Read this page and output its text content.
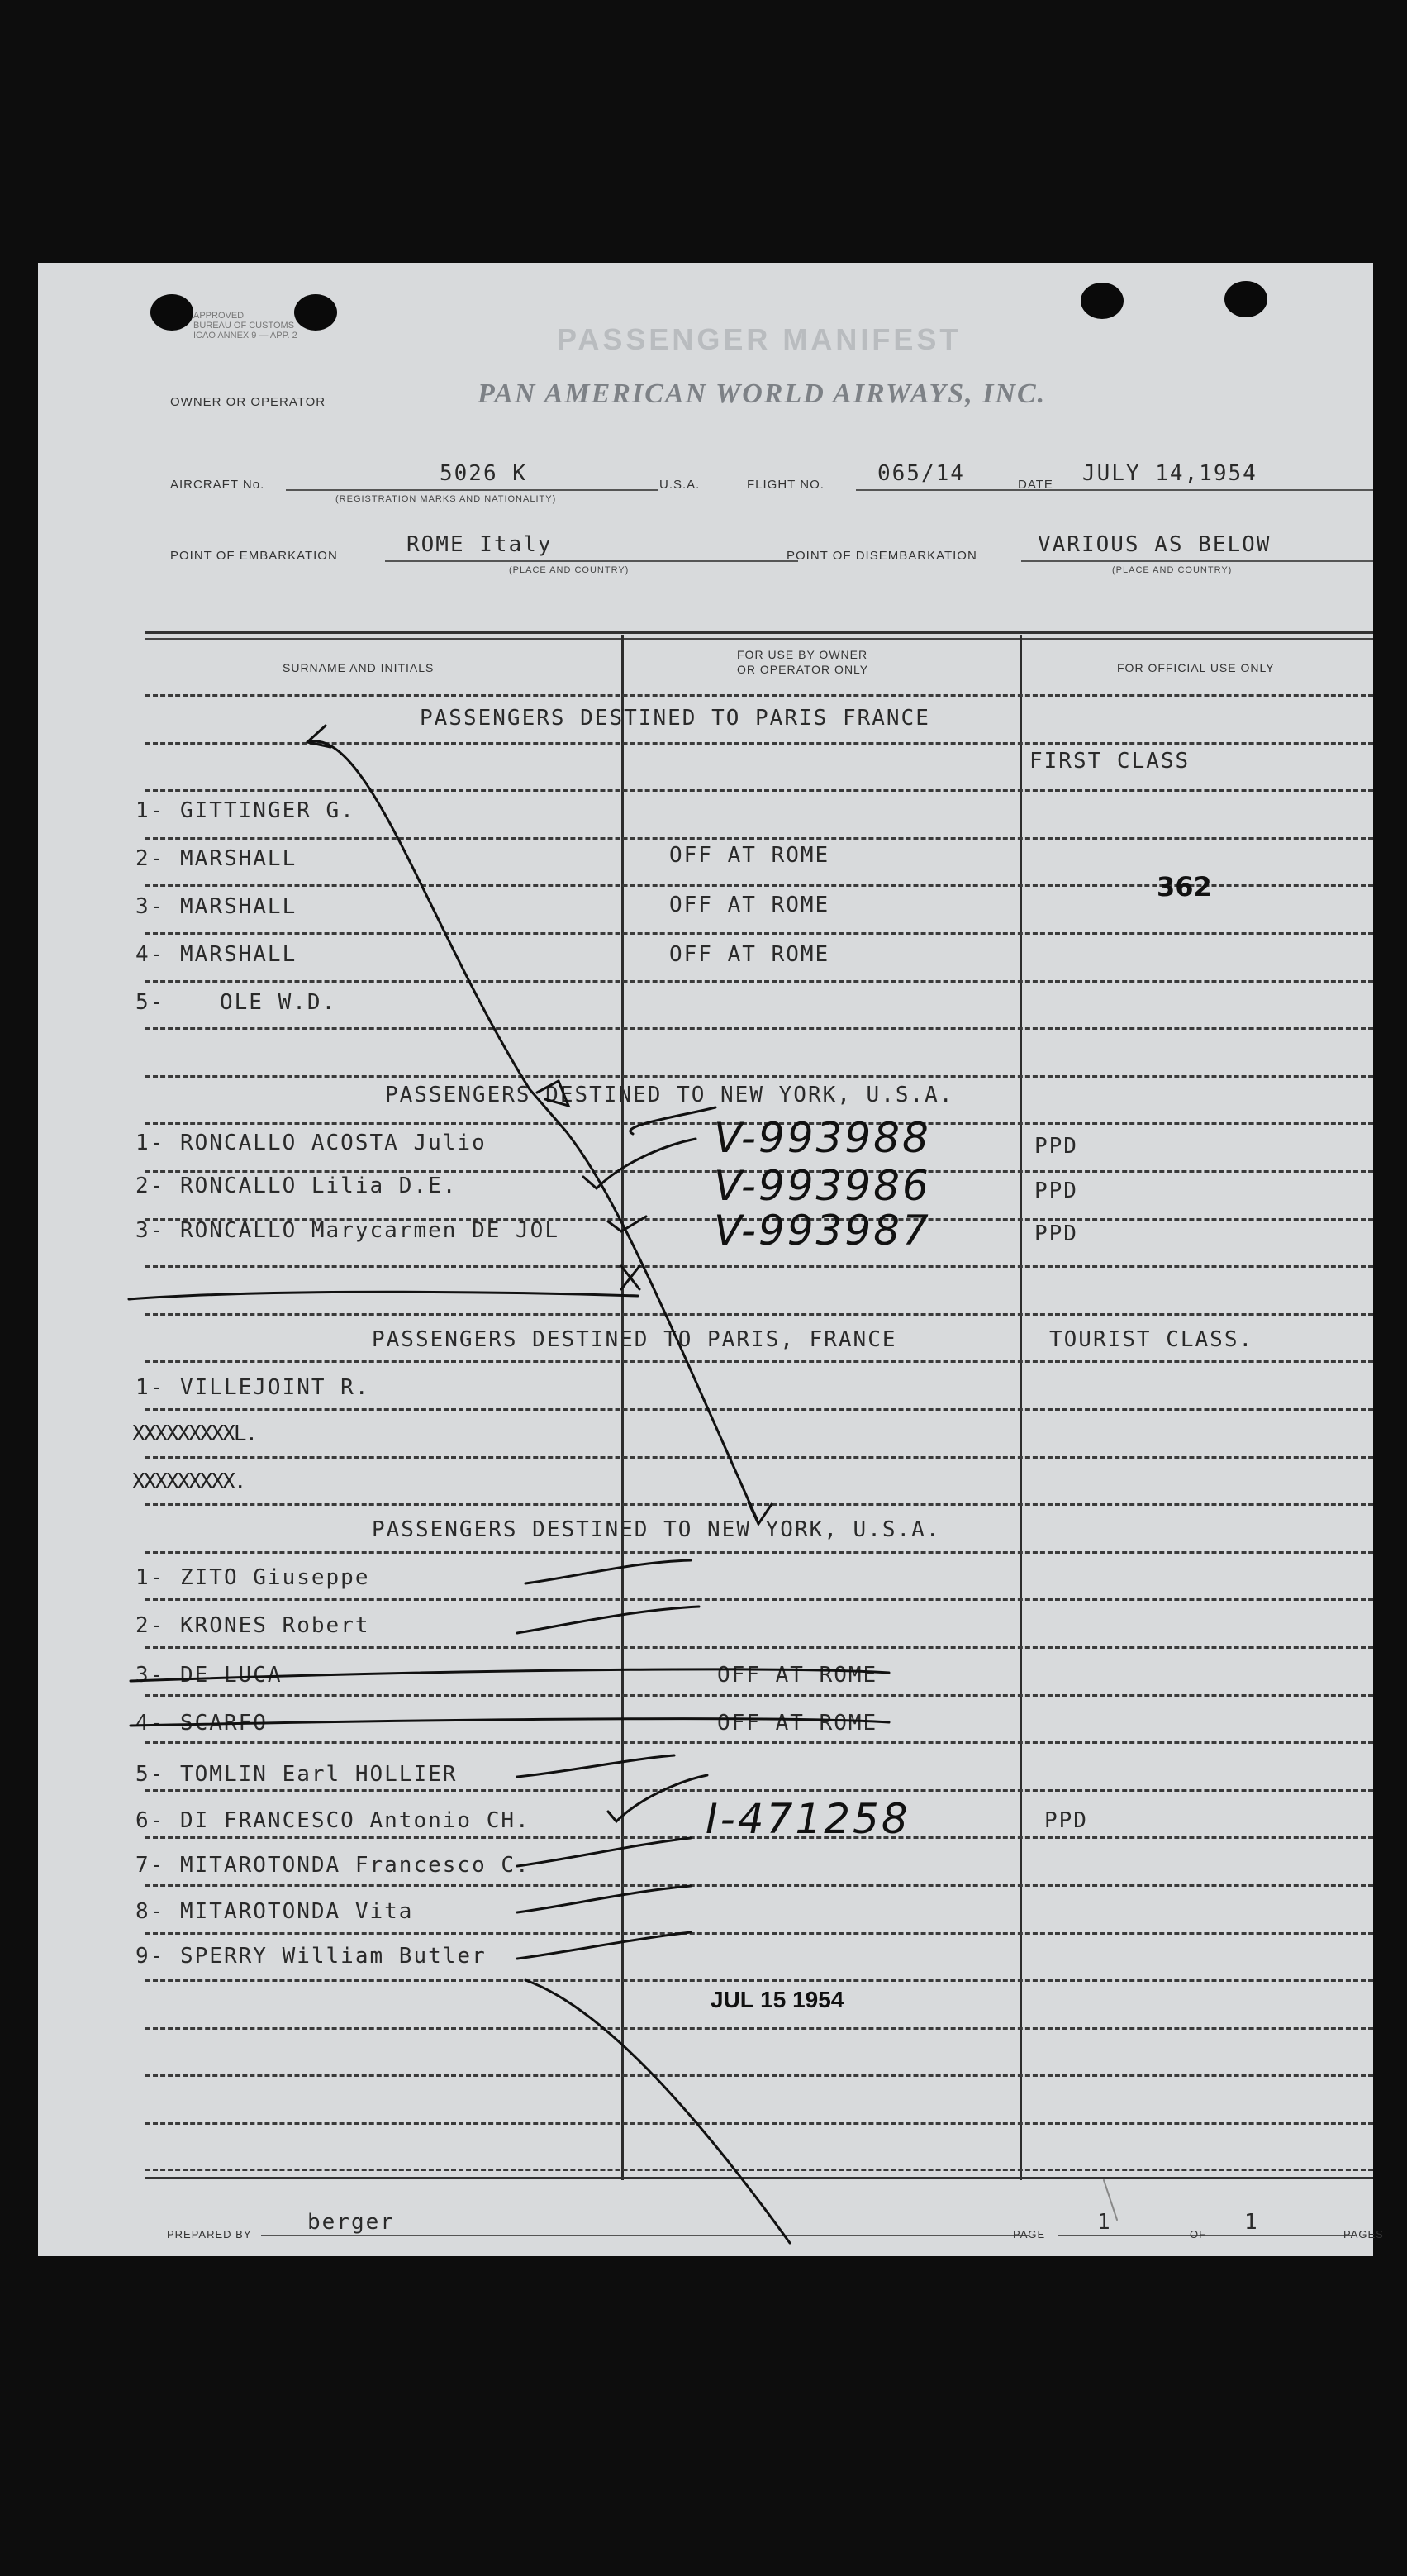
APPROVED
BUREAU OF CUSTOMS
ICAO ANNEX 9 — APP. 2	PASSENGER MANIFEST
OWNER OR OPERATOR	PAN AMERICAN WORLD AIRWAYS, INC.
AIRCRAFT No.	5026 K
(REGISTRATION MARKS AND NATIONALITY)
U.S.A.	FLIGHT NO. 065/14	DATE JULY 14,1954
POINT OF EMBARKATION	ROME Italy
(PLACE AND COUNTRY)
POINT OF DISEMBARKATION	VARIOUS AS BELOW
(PLACE AND COUNTRY)
SURNAME AND INITIALS
FOR USE BY OWNER
OR OPERATOR ONLY	FOR OFFICIAL USE ONLY
PASSENGERS DESTINED TO PARIS FRANCE
FIRST CLASS
1- GITTINGER G.
2- MARSHALL	OFF AT ROME
3- MARSHALL	OFF AT ROME
4- MARSHALL	OFF AT ROME
5-	OLE W.D.
362
PASSENGERS DESTINED TO NEW YORK, U.S.A.
1- RONCALLO ACOSTA Julio	V-993988	PPD
2- RONCALLO Lilia D.E.	V-993986	PPD
3- RONCALLO Marycarmen DE JOL	V-993987	PPD
PASSENGERS DESTINED TO PARIS, FRANCE	TOURIST CLASS.
1- VILLEJOINT R.
XXXXXXXXXL.
XXXXXXXXX.
PASSENGERS DESTINED TO NEW YORK, U.S.A.
1- ZITO Giuseppe
2- KRONES Robert
3- DE LUCA	OFF AT ROME
4- SCARFO	OFF AT ROME
5- TOMLIN Earl HOLLIER
6- DI FRANCESCO Antonio CH.	I-471258	PPD
7- MITAROTONDA Francesco C.
8- MITAROTONDA Vita
9- SPERRY William Butler
JUL 15 1954
PREPARED BY	berger	PAGE 1	OF 1	PAGES
